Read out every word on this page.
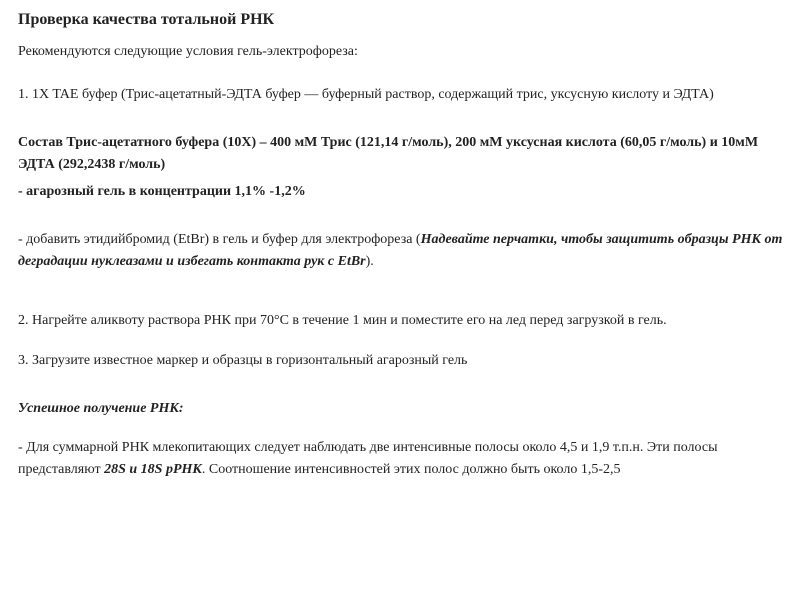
Проверка качества тотальной РНК

Рекомендуются следующие условия гель-электрофореза:

1. 1X TAE буфер (Трис-ацетатный-ЭДТА буфер — буферный раствор, содержащий трис, уксусную кислоту и ЭДТА)

Состав Трис-ацетатного буфера (10X) – 400 мМ Трис (121,14 г/моль), 200 мМ уксусная кислота (60,05 г/моль) и 10мМ ЭДТА (292,2438 г/моль)

- агарозный гель в концентрации 1,1% -1,2%

- добавить этидийбромид (EtBr) в гель и буфер для электрофореза (Надевайте перчатки, чтобы защитить образцы РНК от деградации нуклеазами и избегать контакта рук с EtBr).

2. Нагрейте аликвоту раствора РНК при 70°C в течение 1 мин и поместите его на лед перед загрузкой в гель.

3. Загрузите известное маркер и образцы в горизонтальный агарозный гель

Успешное получение РНК:

- Для суммарной РНК млекопитающих следует наблюдать две интенсивные полосы около 4,5 и 1,9 т.п.н. Эти полосы представляют 28S и 18S рРНК. Соотношение интенсивностей этих полос должно быть около 1,5-2,5
